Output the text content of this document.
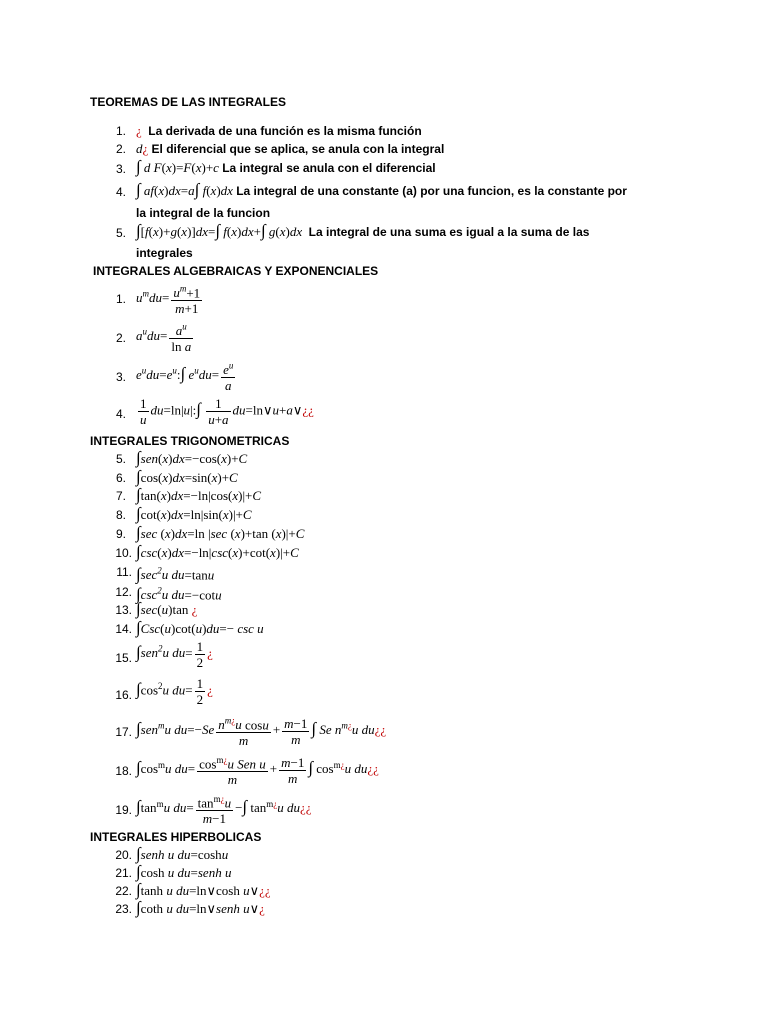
TEOREMAS DE LAS INTEGRALES
1. ¿ La derivada de una función es la misma función
2. d¿ El diferencial que se aplica, se anula con la integral
3. ∫ d F(x)=F(x)+c La integral se anula con el diferencial
4. ∫ af(x)dx=a∫ f(x)dx La integral de una constante (a) por una funcion, es la constante por
la integral de la funcion
5. ∫[f(x)+g(x)]dx=∫ f(x)dx+∫ g(x)dx La integral de una suma es igual a la suma de las
integrales
INTEGRALES ALGEBRAICAS Y EXPONENCIALES
1. $u^mdu= \frac{u^m+1}{m+1}$
2. $a^udu= \frac{a^u}{\text{ln a}}$
3. $e^udu=e^u:\int$ $e^udu= \frac{e^u}{a}$
4. $\frac{1}{u}$ du=ln|u|:∫ $\frac{1}{u+a}$ du=ln∨u+a∨¿¿
INTEGRALES TRIGONOMETRICAS
5. ∫sen(x)dx=−cos(x)+C
6. ∫cos(x)dx=sin(x)+C
7. ∫tan(x)dx=−ln|cos(x)|+C
8. ∫cot(x)dx=ln|sin(x)|+C
9. ∫sec (x)dx=ln |sec (x)+tan (x)|+C
10. ∫csc(x)dx=−ln|csc(x)+cot(x)|+C
11. $\int\sec^2u$ du=tanu
12. $\int\csc^2u$ du=−cotu
13. ∫sec(u)tan ¿
14. ∫Csc(u)cot(u)du=− csc u
15. ∫sen$^2$u $du= \frac{1}{2}$ ¿
16. $\int\cos^2u$ $du= \frac{1}{2}$ ¿
17. ∫sen$^m$u $du=-Se \frac{n^{m¿}u \cos u}{m} + \frac{m-1}{m}$ ∫ Se $n^{m¿}u$ du¿¿
18. $\int\cos^mu$ $du= \frac{\cos^{m¿}u Sen u}{m} + \frac{m-1}{m}$ ∫ $\cos^{m¿}u$ du¿¿
19. $\int\tan^mu$ $du= \frac{\tan^{m¿}u}{m-1}$ −∫ $\tan^{m¿}u$ du¿¿
INTEGRALES HIPERBOLICAS
20. ∫senh u du=coshu
21. ∫cosh u du=senh u
22. ∫tanh u du=ln∨cosh u∨¿¿
23. ∫coth u du=ln∨senh u∨¿
